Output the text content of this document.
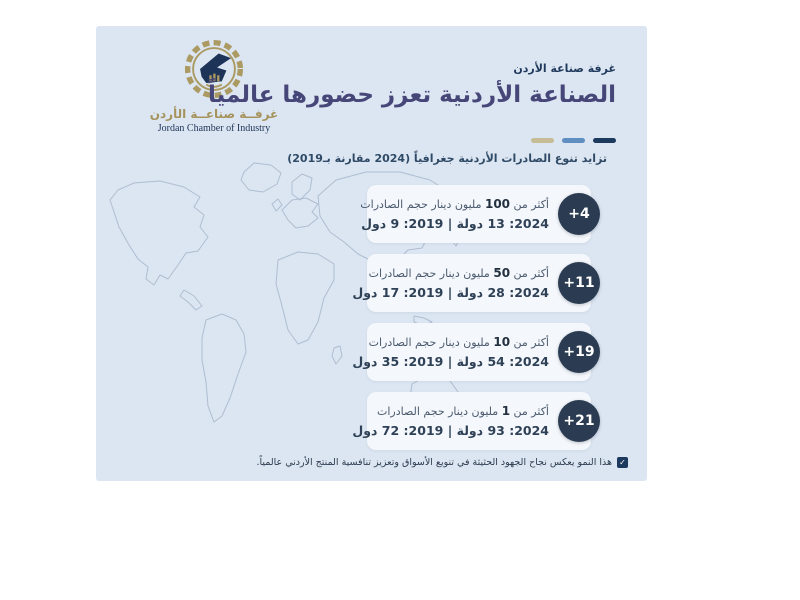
غرفــة صناعــة الأردن
Jordan Chamber of Industry
غرفة صناعة الأردن
الصناعة الأردنية تعزز حضورها عالمياً
تزايد تنوع الصادرات الأردنية جغرافياً (2024 مقارنة بـ2019)
أكثر من 100 مليون دينار حجم الصادرات
2024: 13 دولة | 2019: 9 دول
+4
أكثر من 50 مليون دينار حجم الصادرات
2024: 28 دولة | 2019: 17 دول
+11
أكثر من 10 مليون دينار حجم الصادرات
2024: 54 دولة | 2019: 35 دول
+19
أكثر من 1 مليون دينار حجم الصادرات
2024: 93 دولة | 2019: 72 دول
+21
✓
هذا النمو يعكس نجاح الجهود الحثيثة في تنويع الأسواق وتعزيز تنافسية المنتج الأردني عالمياً.
